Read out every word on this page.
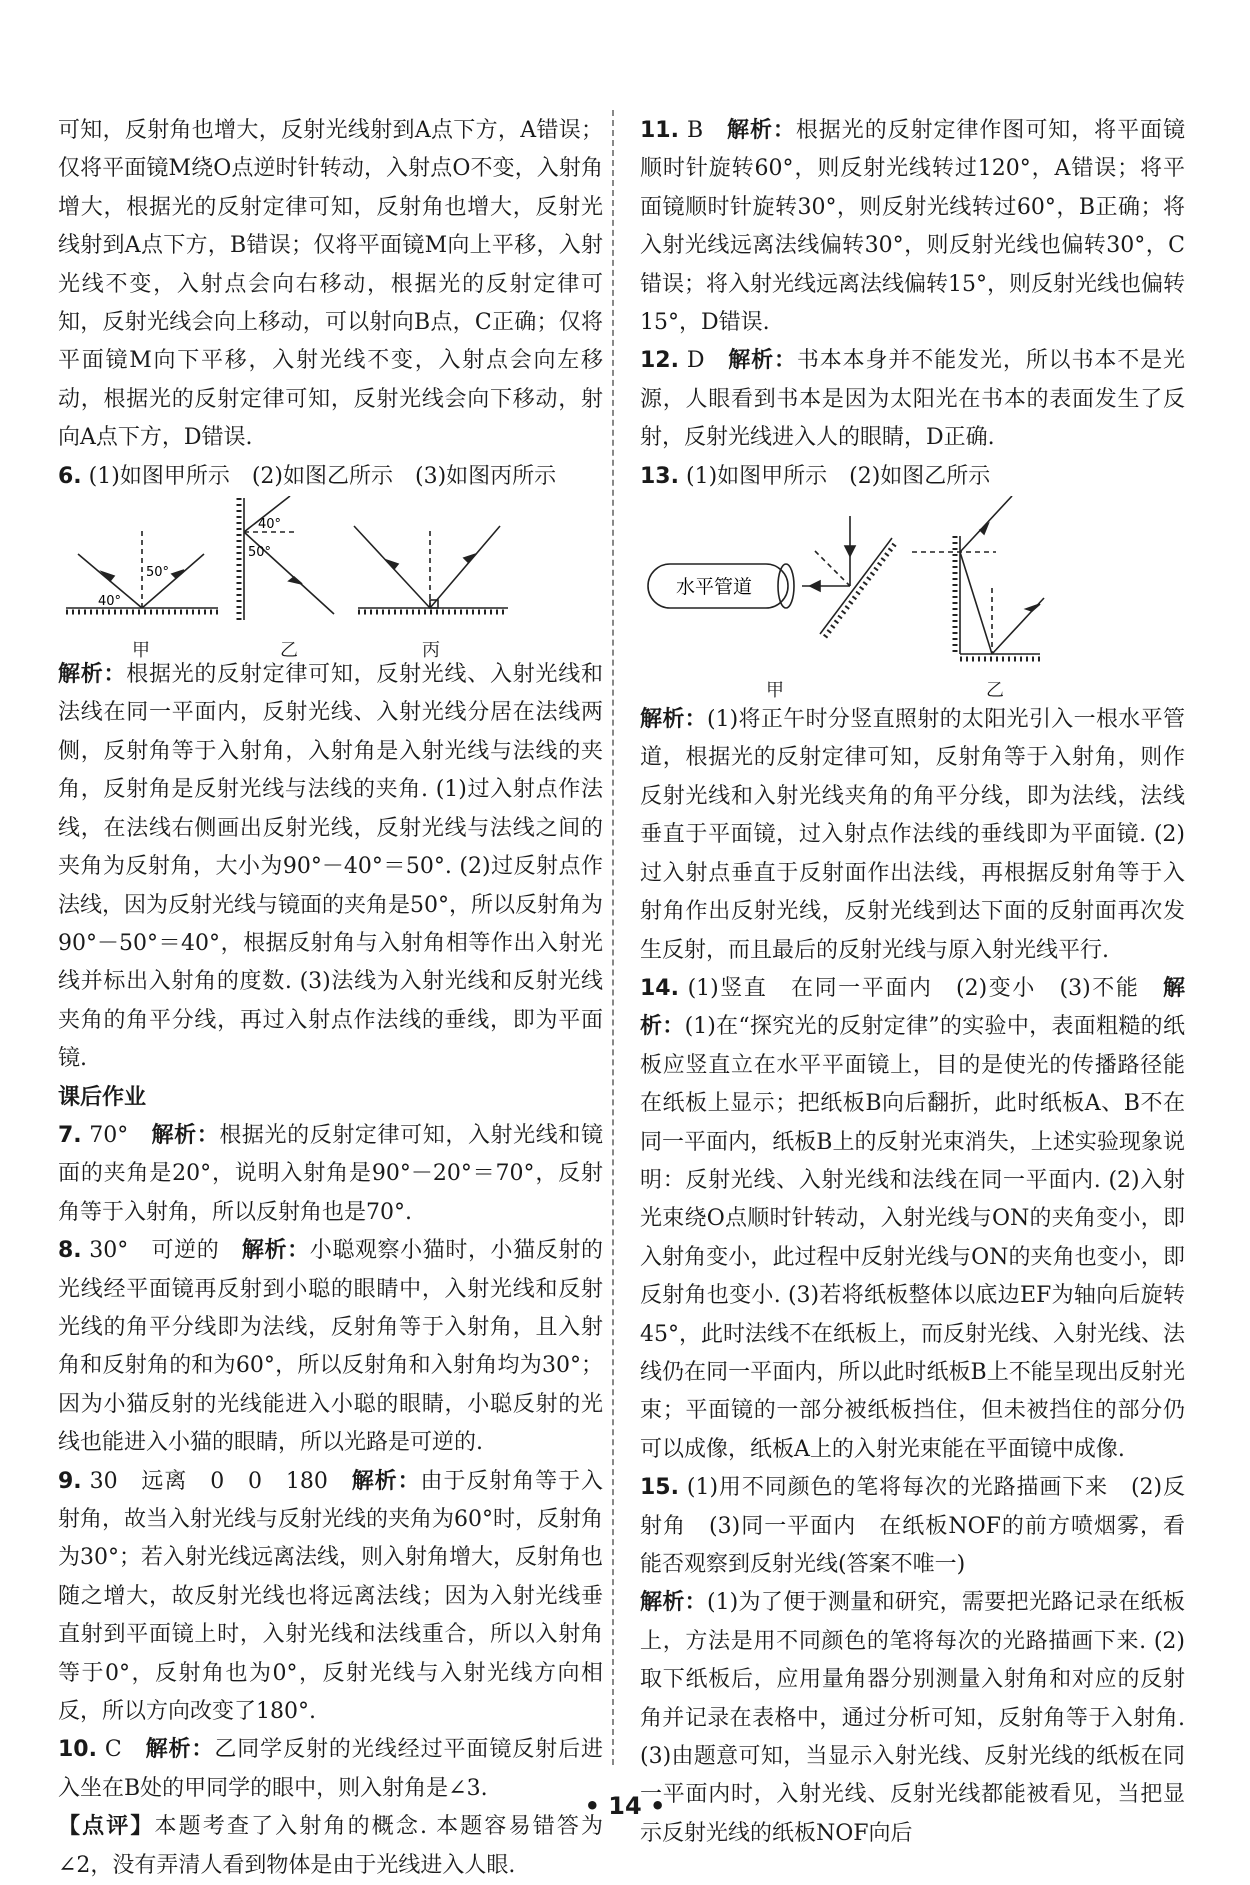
可知，反射角也增大，反射光线射到A点下方，A错误；仅将平面镜M绕O点逆时针转动，入射点O不变，入射角增大，根据光的反射定律可知，反射角也增大，反射光线射到A点下方，B错误；仅将平面镜M向上平移，入射光线不变，入射点会向右移动，根据光的反射定律可知，反射光线会向上移动，可以射向B点，C正确；仅将平面镜M向下平移，入射光线不变，入射点会向左移动，根据光的反射定律可知，反射光线会向下移动，射向A点下方，D错误.

6. (1)如图甲所示　(2)如图乙所示　(3)如图丙所示

40°
50°
40°
50°
甲	乙	丙

解析：根据光的反射定律可知，反射光线、入射光线和法线在同一平面内，反射光线、入射光线分居在法线两侧，反射角等于入射角，入射角是入射光线与法线的夹角，反射角是反射光线与法线的夹角. (1)过入射点作法线，在法线右侧画出反射光线，反射光线与法线之间的夹角为反射角，大小为90°－40°＝50°. (2)过反射点作法线，因为反射光线与镜面的夹角是50°，所以反射角为90°－50°＝40°，根据反射角与入射角相等作出入射光线并标出入射角的度数. (3)法线为入射光线和反射光线夹角的角平分线，再过入射点作法线的垂线，即为平面镜.

课后作业

7. 70°　 解析：根据光的反射定律可知，入射光线和镜面的夹角是20°，说明入射角是90°－20°＝70°，反射角等于入射角，所以反射角也是70°.

8. 30°　可逆的　 解析：小聪观察小猫时，小猫反射的光线经平面镜再反射到小聪的眼睛中，入射光线和反射光线的角平分线即为法线，反射角等于入射角，且入射角和反射角的和为60°，所以反射角和入射角均为30°；因为小猫反射的光线能进入小聪的眼睛，小聪反射的光线也能进入小猫的眼睛，所以光路是可逆的.

9. 30　远离　0　0　180　 解析：由于反射角等于入射角，故当入射光线与反射光线的夹角为60°时，反射角为30°；若入射光线远离法线，则入射角增大，反射角也随之增大，故反射光线也将远离法线；因为入射光线垂直射到平面镜上时，入射光线和法线重合，所以入射角等于0°，反射角也为0°，反射光线与入射光线方向相反，所以方向改变了180°.

10. C　 解析：乙同学反射的光线经过平面镜反射后进入坐在B处的甲同学的眼中，则入射角是∠3.

【点评】本题考查了入射角的概念. 本题容易错答为∠2，没有弄清人看到物体是由于光线进入人眼.

11. B　 解析：根据光的反射定律作图可知，将平面镜顺时针旋转60°，则反射光线转过120°，A错误；将平面镜顺时针旋转30°，则反射光线转过60°，B正确；将入射光线远离法线偏转30°，则反射光线也偏转30°，C错误；将入射光线远离法线偏转15°，则反射光线也偏转15°，D错误.

12. D　 解析：书本本身并不能发光，所以书本不是光源，人眼看到书本是因为太阳光在书本的表面发生了反射，反射光线进入人的眼睛，D正确.

13. (1)如图甲所示　(2)如图乙所示

水平管道
甲	乙

解析：(1)将正午时分竖直照射的太阳光引入一根水平管道，根据光的反射定律可知，反射角等于入射角，则作反射光线和入射光线夹角的角平分线，即为法线，法线垂直于平面镜，过入射点作法线的垂线即为平面镜. (2)过入射点垂直于反射面作出法线，再根据反射角等于入射角作出反射光线，反射光线到达下面的反射面再次发生反射，而且最后的反射光线与原入射光线平行.

14. (1)竖直　在同一平面内　(2)变小　(3)不能　 解析：(1)在“探究光的反射定律”的实验中，表面粗糙的纸板应竖直立在水平平面镜上，目的是使光的传播路径能在纸板上显示；把纸板B向后翻折，此时纸板A、B不在同一平面内，纸板B上的反射光束消失，上述实验现象说明：反射光线、入射光线和法线在同一平面内. (2)入射光束绕O点顺时针转动，入射光线与ON的夹角变小，即入射角变小，此过程中反射光线与ON的夹角也变小，即反射角也变小. (3)若将纸板整体以底边EF为轴向后旋转45°，此时法线不在纸板上，而反射光线、入射光线、法线仍在同一平面内，所以此时纸板B上不能呈现出反射光束；平面镜的一部分被纸板挡住，但未被挡住的部分仍可以成像，纸板A上的入射光束能在平面镜中成像.

15. (1)用不同颜色的笔将每次的光路描画下来　(2)反射角　(3)同一平面内　在纸板NOF的前方喷烟雾，看能否观察到反射光线(答案不唯一)

解析：(1)为了便于测量和研究，需要把光路记录在纸板上，方法是用不同颜色的笔将每次的光路描画下来. (2)取下纸板后，应用量角器分别测量入射角和对应的反射角并记录在表格中，通过分析可知，反射角等于入射角. (3)由题意可知，当显示入射光线、反射光线的纸板在同一平面内时，入射光线、反射光线都能被看见，当把显示反射光线的纸板NOF向后

• 14 •
